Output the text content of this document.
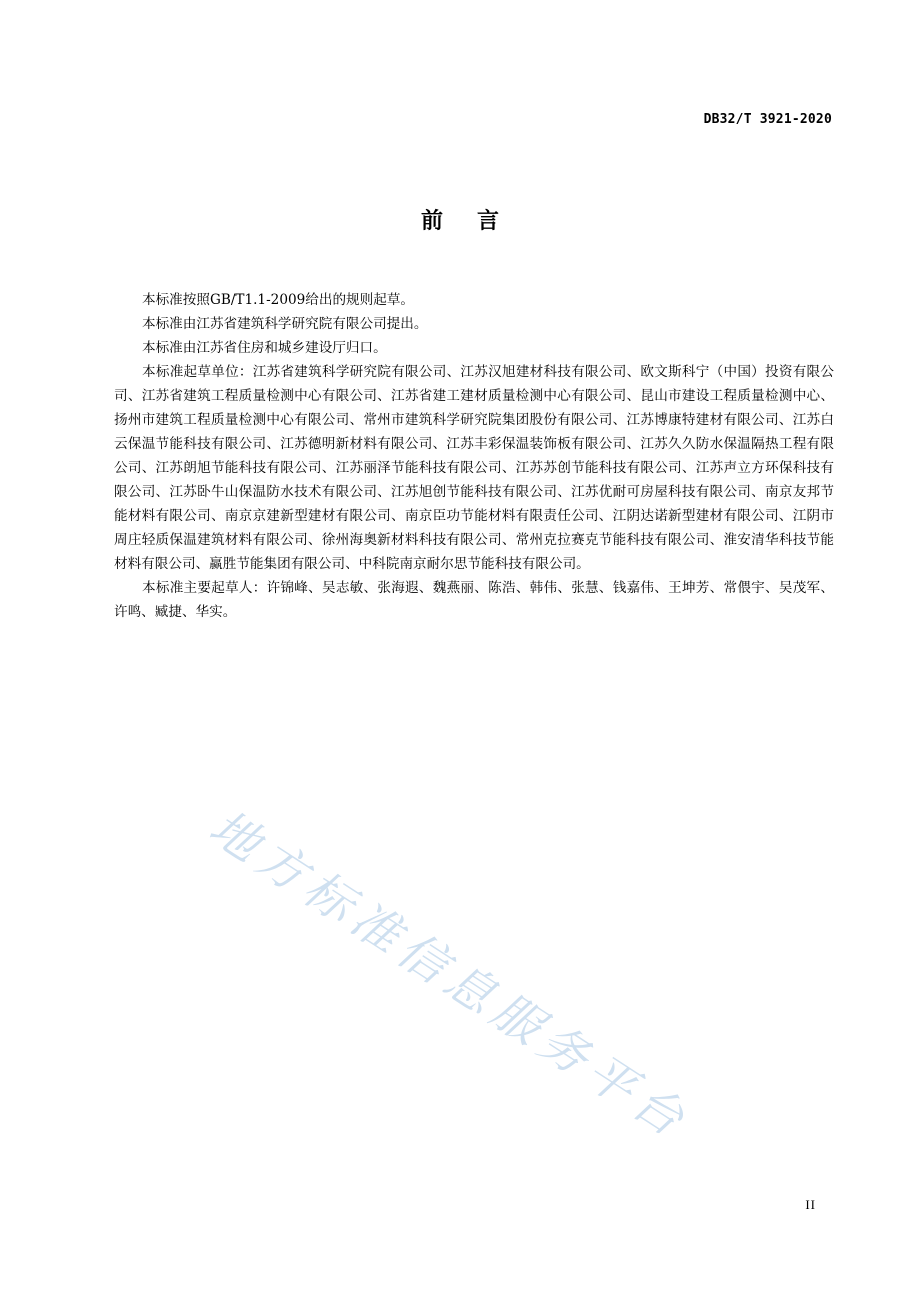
DB32/T 3921-2020
前言

本标准按照GB/T1.1-2009给出的规则起草。

本标准由江苏省建筑科学研究院有限公司提出。

本标准由江苏省住房和城乡建设厅归口。

本标准起草单位：江苏省建筑科学研究院有限公司、江苏汉旭建材科技有限公司、欧文斯科宁（中国）投资有限公司、江苏省建筑工程质量检测中心有限公司、江苏省建工建材质量检测中心有限公司、昆山市建设工程质量检测中心、扬州市建筑工程质量检测中心有限公司、常州市建筑科学研究院集团股份有限公司、江苏博康特建材有限公司、江苏白云保温节能科技有限公司、江苏德明新材料有限公司、江苏丰彩保温装饰板有限公司、江苏久久防水保温隔热工程有限公司、江苏朗旭节能科技有限公司、江苏丽泽节能科技有限公司、江苏苏创节能科技有限公司、江苏声立方环保科技有限公司、江苏卧牛山保温防水技术有限公司、江苏旭创节能科技有限公司、江苏优耐可房屋科技有限公司、南京友邦节能材料有限公司、南京京建新型建材有限公司、南京臣功节能材料有限责任公司、江阴达诺新型建材有限公司、江阴市周庄轻质保温建筑材料有限公司、徐州海奥新材料科技有限公司、常州克拉赛克节能科技有限公司、淮安清华科技节能材料有限公司、赢胜节能集团有限公司、中科院南京耐尔思节能科技有限公司。

本标准主要起草人：许锦峰、吴志敏、张海遐、魏燕丽、陈浩、韩伟、张慧、钱嘉伟、王坤芳、常偎宇、吴茂军、许鸣、臧捷、华实。

地方标准信息服务平台
II
